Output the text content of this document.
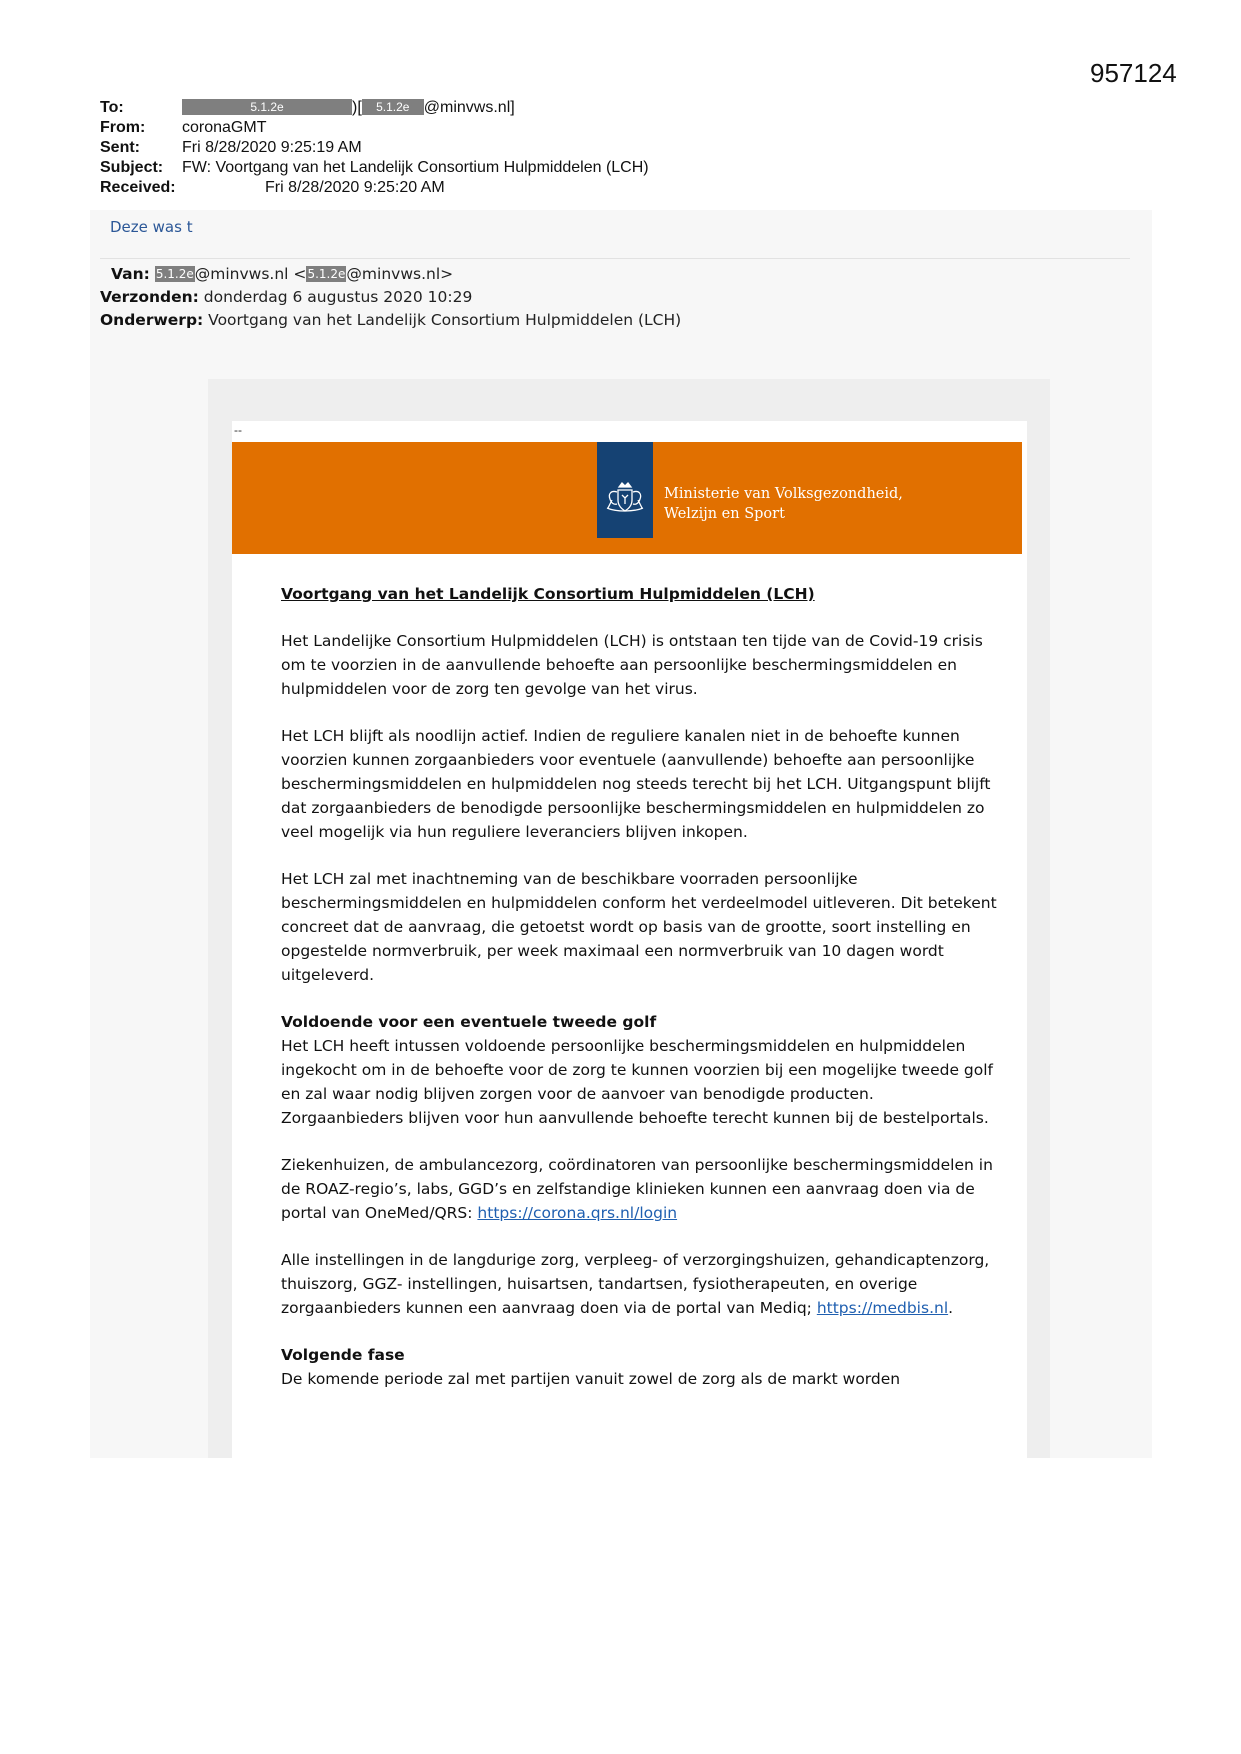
957124
To:	5.1.2e	)[ 5.1.2e @minvws.nl]
From: coronaGMT
Sent:	Fri 8/28/2020 9:25:19 AM
Subject: FW: Voortgang van het Landelijk Consortium Hulpmiddelen (LCH)
Received:	Fri 8/28/2020 9:25:20 AM
Deze was t
Van: 5.1.2e@minvws.nl <5.1.2e@minvws.nl>
Verzonden: donderdag 6 augustus 2020 10:29
Onderwerp: Voortgang van het Landelijk Consortium Hulpmiddelen (LCH)
--
Ministerie van Volksgezondheid,
Welzijn en Sport
Voortgang van het Landelijk Consortium Hulpmiddelen (LCH)

Het Landelijke Consortium Hulpmiddelen (LCH) is ontstaan ten tijde van de Covid-19 crisis om te voorzien in de aanvullende behoefte aan persoonlijke beschermingsmiddelen en hulpmiddelen voor de zorg ten gevolge van het virus.

Het LCH blijft als noodlijn actief. Indien de reguliere kanalen niet in de behoefte kunnen voorzien kunnen zorgaanbieders voor eventuele (aanvullende) behoefte aan persoonlijke beschermingsmiddelen en hulpmiddelen nog steeds terecht bij het LCH. Uitgangspunt blijft dat zorgaanbieders de benodigde persoonlijke beschermingsmiddelen en hulpmiddelen zo veel mogelijk via hun reguliere leveranciers blijven inkopen.

Het LCH zal met inachtneming van de beschikbare voorraden persoonlijke beschermingsmiddelen en hulpmiddelen conform het verdeelmodel uitleveren. Dit betekent concreet dat de aanvraag, die getoetst wordt op basis van de grootte, soort instelling en opgestelde normverbruik, per week maximaal een normverbruik van 10 dagen wordt uitgeleverd.

Voldoende voor een eventuele tweede golf

Het LCH heeft intussen voldoende persoonlijke beschermingsmiddelen en hulpmiddelen ingekocht om in de behoefte voor de zorg te kunnen voorzien bij een mogelijke tweede golf en zal waar nodig blijven zorgen voor de aanvoer van benodigde producten. Zorgaanbieders blijven voor hun aanvullende behoefte terecht kunnen bij de bestelportals.

Ziekenhuizen, de ambulancezorg, coördinatoren van persoonlijke beschermingsmiddelen in de ROAZ-regio’s, labs, GGD’s en zelfstandige klinieken kunnen een aanvraag doen via de portal van OneMed/QRS: https://corona.qrs.nl/login

Alle instellingen in de langdurige zorg, verpleeg- of verzorgingshuizen, gehandicaptenzorg, thuiszorg, GGZ- instellingen, huisartsen, tandartsen, fysiotherapeuten, en overige zorgaanbieders kunnen een aanvraag doen via de portal van Mediq; https://medbis.nl.

Volgende fase

De komende periode zal met partijen vanuit zowel de zorg als de markt worden
